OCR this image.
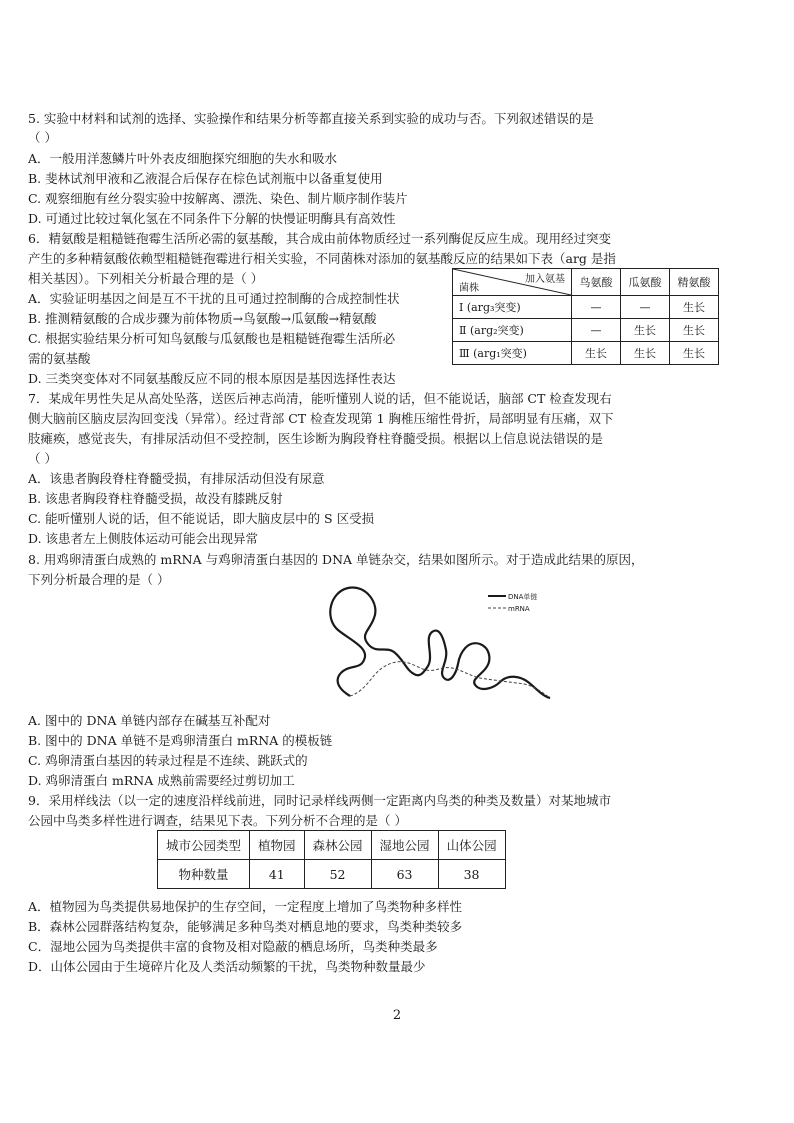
5. 实验中材料和试剂的选择、实验操作和结果分析等都直接关系到实验的成功与否。下列叙述错误的是
（ ）
A．一般用洋葱鳞片叶外表皮细胞探究细胞的失水和吸水
B. 斐林试剂甲液和乙液混合后保存在棕色试剂瓶中以备重复使用
C. 观察细胞有丝分裂实验中按解离、漂洗、染色、制片顺序制作装片
D. 可通过比较过氧化氢在不同条件下分解的快慢证明酶具有高效性
6．精氨酸是粗糙链孢霉生活所必需的氨基酸，其合成由前体物质经过一系列酶促反应生成。现用经过突变
产生的多种精氨酸依赖型粗糙链孢霉进行相关实验，不同菌株对添加的氨基酸反应的结果如下表（arg 是指
相关基因）。下列相关分析最合理的是（ ）
A．实验证明基因之间是互不干扰的且可通过控制酶的合成控制性状
B. 推测精氨酸的合成步骤为前体物质→鸟氨酸→瓜氨酸→精氨酸
C. 根据实验结果分析可知鸟氨酸与瓜氨酸也是粗糙链孢霉生活所必
需的氨基酸
D. 三类突变体对不同氨基酸反应不同的根本原因是基因选择性表达
加入氨基
菌株	鸟氨酸	瓜氨酸	精氨酸
Ⅰ (arg₃突变)	—	—	生长
Ⅱ (arg₂突变)	—	生长	生长
Ⅲ (arg₁突变)	生长	生长	生长
7．某成年男性失足从高处坠落，送医后神志尚清，能听懂别人说的话，但不能说话，脑部 CT 检查发现右
侧大脑前区脑皮层沟回变浅（异常）。经过背部 CT 检查发现第 1 胸椎压缩性骨折，局部明显有压痛，双下
肢瘫痪，感觉丧失，有排尿活动但不受控制，医生诊断为胸段脊柱脊髓受损。根据以上信息说法错误的是
（ ）
A．该患者胸段脊柱脊髓受损，有排尿活动但没有尿意
B. 该患者胸段脊柱脊髓受损，故没有膝跳反射
C. 能听懂别人说的话，但不能说话，即大脑皮层中的 S 区受损
D. 该患者左上侧肢体运动可能会出现异常
8. 用鸡卵清蛋白成熟的 mRNA 与鸡卵清蛋白基因的 DNA 单链杂交，结果如图所示。对于造成此结果的原因，
下列分析最合理的是（ ）
DNA单链
mRNA
A. 图中的 DNA 单链内部存在碱基互补配对
B. 图中的 DNA 单链不是鸡卵清蛋白 mRNA 的模板链
C. 鸡卵清蛋白基因的转录过程是不连续、跳跃式的
D. 鸡卵清蛋白 mRNA 成熟前需要经过剪切加工
9．采用样线法（以一定的速度沿样线前进，同时记录样线两侧一定距离内鸟类的种类及数量）对某地城市
公园中鸟类多样性进行调查，结果见下表。下列分析不合理的是（ ）
城市公园类型	植物园	森林公园	湿地公园	山体公园
物种数量	41	52	63	38
A．植物园为鸟类提供易地保护的生存空间，一定程度上增加了鸟类物种多样性
B．森林公园群落结构复杂，能够满足多种鸟类对栖息地的要求，鸟类种类较多
C．湿地公园为鸟类提供丰富的食物及相对隐蔽的栖息场所，鸟类种类最多
D．山体公园由于生境碎片化及人类活动频繁的干扰，鸟类物种数量最少
2
